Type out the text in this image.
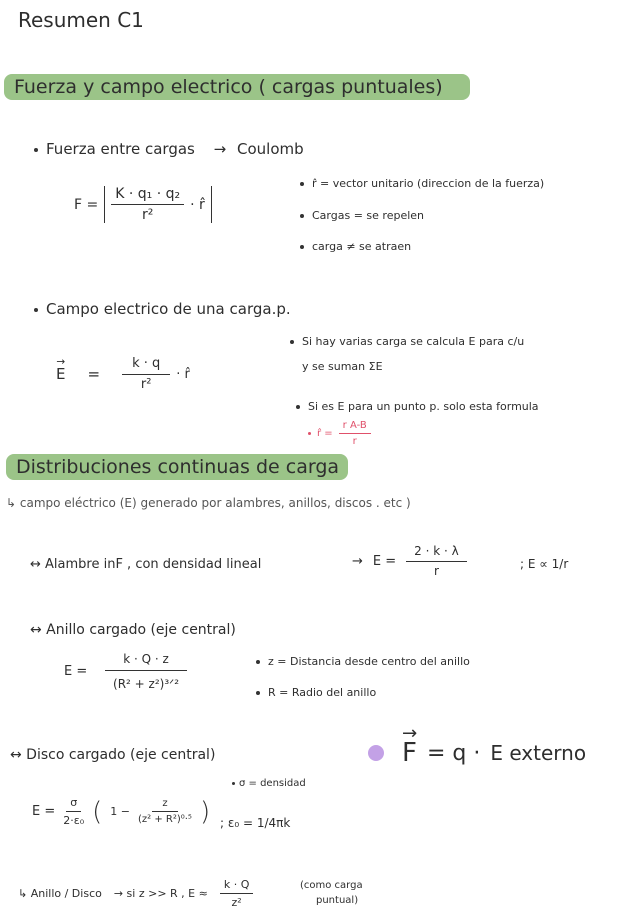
Resumen C1
Fuerza y campo electrico ( cargas puntuales)
Fuerza entre cargas → Coulomb
$F = \frac{\text{K · q₁ · q₂}}{\text{r²}}$ · r̂
r̂ = vector unitario (direccion de la fuerza)
Cargas = se repelen
carga ≠ se atraen
Campo electrico de una carga.p.
→ $E = \frac{k \cdot q}{\text{r²}}$ · r̂
Si hay varias carga se calcula E para c/u
y se suman ΣE
Si es E para un punto p. solo esta formula
r̂ = $\frac{\text{r A-B}}{r}$
Distribuciones continuas de carga
↳ campo eléctrico (E) generado por alambres, anillos, discos . etc )
↔ Alambre inF , con densidad lineal	→ $E = \frac{2 \cdot k \cdot \lambda}{r}$	; E ∝ 1/r
↔ Anillo cargado (eje central)
$E = \frac{k \cdot Q \cdot z}{\text{(R² + z²)³ᐟ²}}$	z = Distancia desde centro del anillo
R = Radio del anillo
↔ Disco cargado (eje central)
σ = densidad
$E = \frac{\sigma}{\text{2·ε₀}}$ ( $1 - \frac{z}{\text{(z² + R²)⁰·⁵}}$ ) ; ε₀ = 1/4πk
→ F = q · E externo
↳ Anillo / Disco → si z >> R , $E \approx \frac{k \cdot Q}{\text{z²}}$	(como carga
puntual)
